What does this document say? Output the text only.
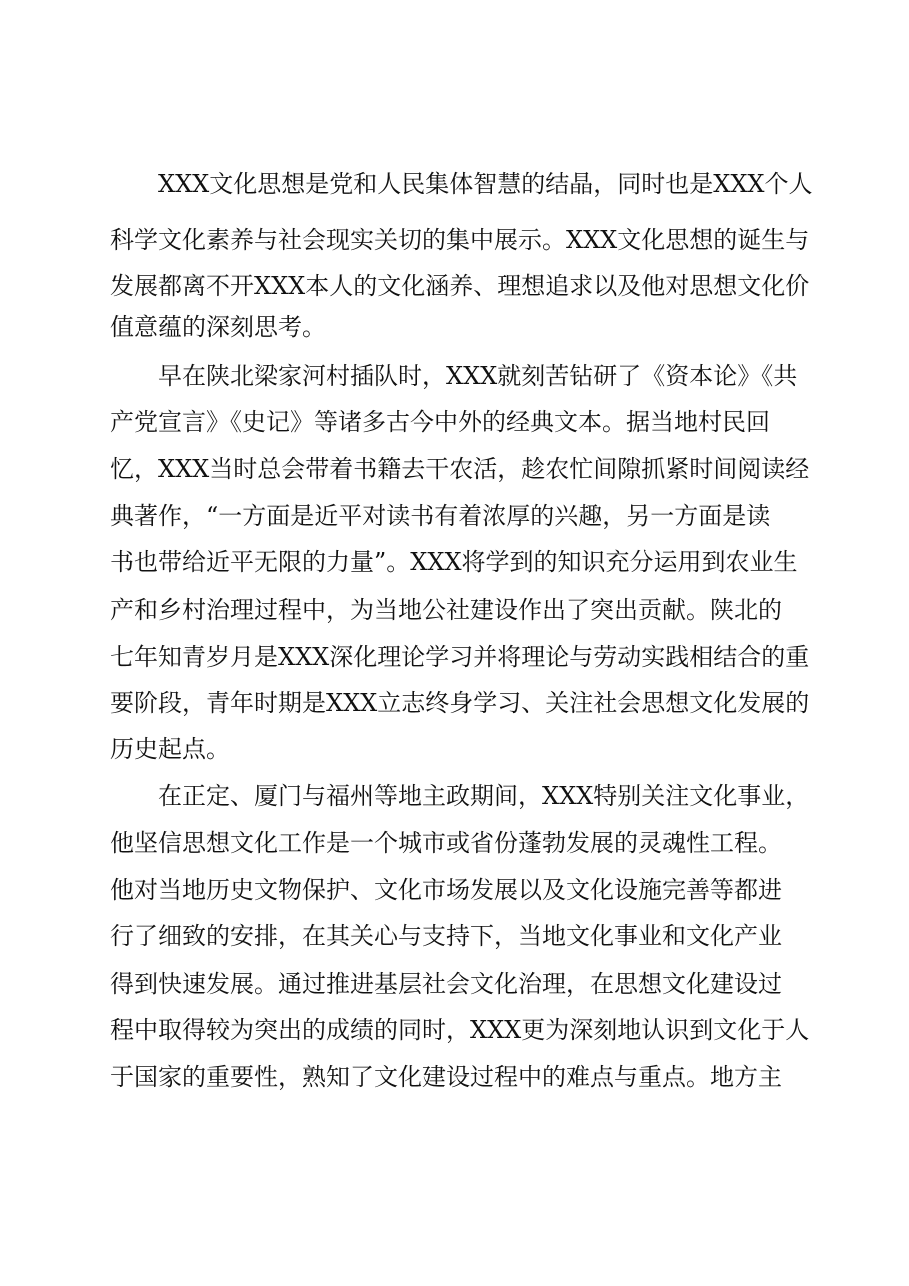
　　XXX文化思想是党和人民集体智慧的结晶，同时也是XXX个人
科学文化素养与社会现实关切的集中展示。XXX文化思想的诞生与
发展都离不开XXX本人的文化涵养、理想追求以及他对思想文化价
值意蕴的深刻思考。
　　早在陕北梁家河村插队时，XXX就刻苦钻研了《资本论》《共
产党宣言》《史记》等诸多古今中外的经典文本。据当地村民回
忆，XXX当时总会带着书籍去干农活，趁农忙间隙抓紧时间阅读经
典著作，“一方面是近平对读书有着浓厚的兴趣，另一方面是读
书也带给近平无限的力量”。XXX将学到的知识充分运用到农业生
产和乡村治理过程中，为当地公社建设作出了突出贡献。陕北的
七年知青岁月是XXX深化理论学习并将理论与劳动实践相结合的重
要阶段，青年时期是XXX立志终身学习、关注社会思想文化发展的
历史起点。
　　在正定、厦门与福州等地主政期间，XXX特别关注文化事业，
他坚信思想文化工作是一个城市或省份蓬勃发展的灵魂性工程。
他对当地历史文物保护、文化市场发展以及文化设施完善等都进
行了细致的安排，在其关心与支持下，当地文化事业和文化产业
得到快速发展。通过推进基层社会文化治理，在思想文化建设过
程中取得较为突出的成绩的同时，XXX更为深刻地认识到文化于人
于国家的重要性，熟知了文化建设过程中的难点与重点。地方主
